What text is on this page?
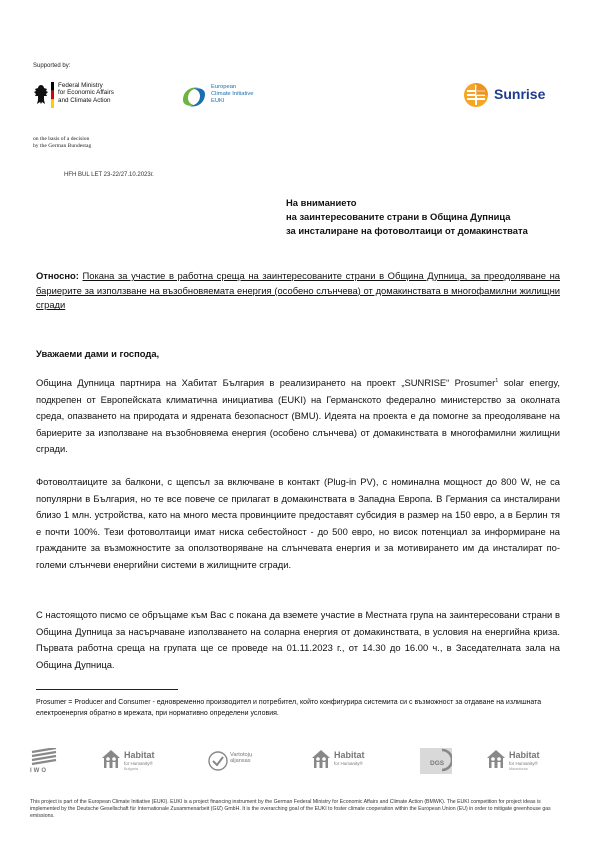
Supported by:
Federal Ministry
for Economic Affairs
and Climate Action
on the basis of a decision
by the German Bundestag
European
Climate Initiative
EUKI	Sunrise
HFH BUL LET 23-22/27.10.2023г.
На вниманието
на заинтересованите страни в Община Дупница
за инсталиране на фотоволтаици от домакинствата
Относно: Покана за участие в работна среща на заинтересованите страни в Община Дупница, за преодоляване на бариерите за използване на възобновяемата енергия (особено слънчева) от домакинствата в многофамилни жилищни сгради
Уважаеми дами и господа,
Община Дупница партнира на Хабитат България в реализирането на проект „SUNRISE“ Prosumer$^1$ solar energy, подкрепен от Европейската климатична инициатива (EUKI) на Германското федерално министерство за околната среда, опазването на природата и ядрената безопасност (BMU). Идеята на проекта е да помогне за преодоляване на бариерите за използване на възобновяема енергия (особено слънчева) от домакинствата в многофамилни жилищни сгради.
Фотоволтаиците за балкони, с щепсъл за включване в контакт (Plug-in PV), с номинална мощност до 800 W, не са популярни в България, но те все повече се прилагат в домакинствата в Западна Европа. В Германия са инсталирани близо 1 млн. устройства, като на много места провинциите предоставят субсидия в размер на 150 евро, а в Берлин тя е почти 100%. Тези фотоволтаици имат ниска себестойност - до 500 евро, но висок потенциал за информиране на гражданите за възможностите за оползотворяване на слънчевата енергия и за мотивирането им да инсталират по-големи слънчеви енергийни системи в жилищните сгради.
С настоящото писмо се обръщаме към Вас с покана да вземете участие в Местната група на заинтересовани страни в Община Дупница за насърчаване използването на соларна енергия от домакинствата, в условия на енергийна криза. Първата работна среща на групата ще се проведе на 01.11.2023 г., от 14.30 до 16.00 ч., в Заседателната зала на Община Дупница.
Prosumer = Producer and Consumer - едновременно производител и потребител, който конфигурира системита си с възможност за отдаване на излишната електроенергия обратно в мрежата, при нормативно определени условия.
IWO
Habitat
for Humanity®
Bulgaria
Vartotojų
aljansas
Habitat
for Humanity®	DGS
Habitat
for Humanity®
Macedonia
This project is part of the European Climate Initiative (EUKI). EUKI is a project financing instrument by the German Federal Ministry for Economic Affairs and Climate Action (BMWK). The EUKI competition for project ideas is implemented by the Deutsche Gesellschaft für Internationale Zusammenarbeit (GIZ) GmbH. It is the overarching goal of the EUKI to foster climate cooperation within the European Union (EU) in order to mitigate greenhouse gas emissions.
